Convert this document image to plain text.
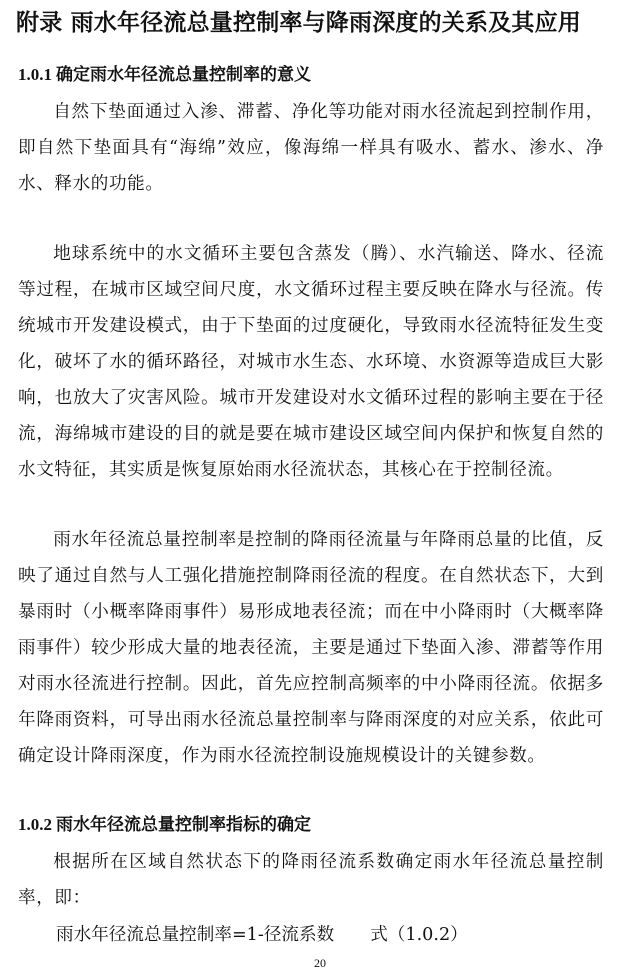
附录 雨水年径流总量控制率与降雨深度的关系及其应用
1.0.1 确定雨水年径流总量控制率的意义

自然下垫面通过入渗、滞蓄、净化等功能对雨水径流起到控制作用，即自然下垫面具有“海绵”效应，像海绵一样具有吸水、蓄水、渗水、净水、释水的功能。

地球系统中的水文循环主要包含蒸发（腾）、水汽输送、降水、径流等过程，在城市区域空间尺度，水文循环过程主要反映在降水与径流。传统城市开发建设模式，由于下垫面的过度硬化，导致雨水径流特征发生变化，破坏了水的循环路径，对城市水生态、水环境、水资源等造成巨大影响，也放大了灾害风险。城市开发建设对水文循环过程的影响主要在于径流，海绵城市建设的目的就是要在城市建设区域空间内保护和恢复自然的水文特征，其实质是恢复原始雨水径流状态，其核心在于控制径流。

雨水年径流总量控制率是控制的降雨径流量与年降雨总量的比值，反映了通过自然与人工强化措施控制降雨径流的程度。在自然状态下，大到暴雨时（小概率降雨事件）易形成地表径流；而在中小降雨时（大概率降雨事件）较少形成大量的地表径流，主要是通过下垫面入渗、滞蓄等作用对雨水径流进行控制。因此，首先应控制高频率的中小降雨径流。依据多年降雨资料，可导出雨水径流总量控制率与降雨深度的对应关系，依此可确定设计降雨深度，作为雨水径流控制设施规模设计的关键参数。

1.0.2 雨水年径流总量控制率指标的确定

根据所在区域自然状态下的降雨径流系数确定雨水年径流总量控制率，即：

雨水年径流总量控制率=1-径流系数 式（1.0.2）

20
